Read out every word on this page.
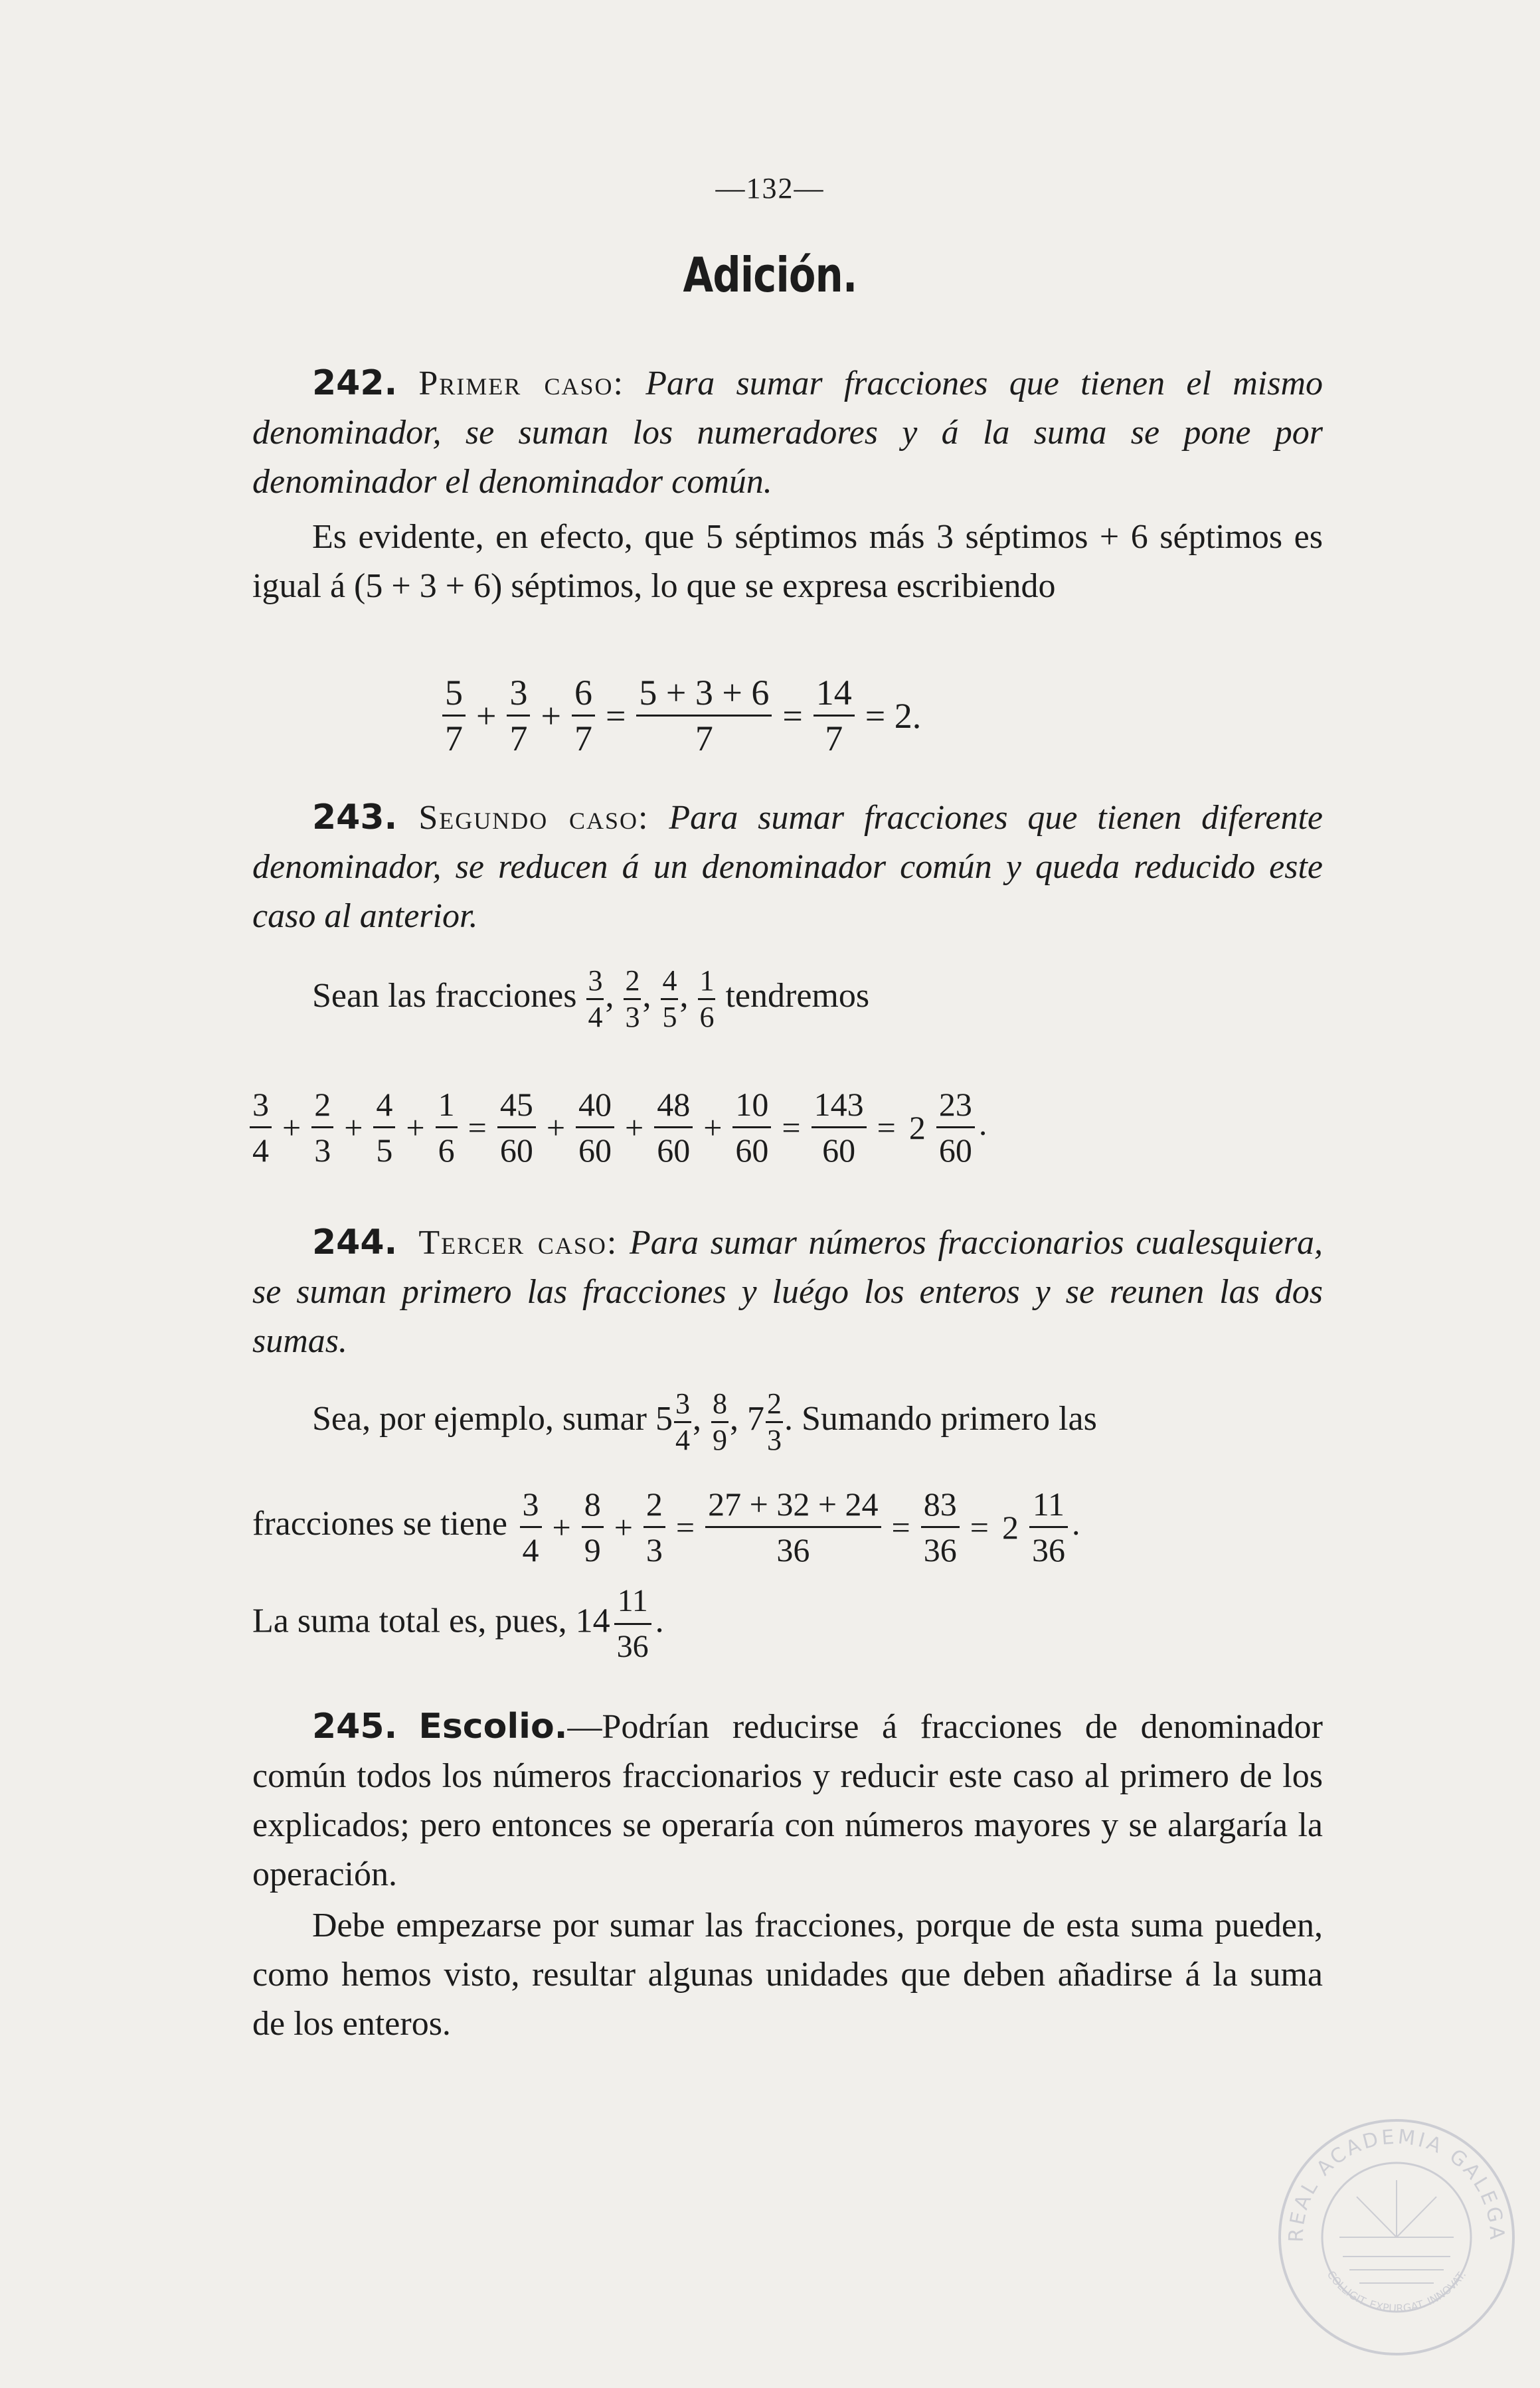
—132—
Adición.
242. Primer caso: Para sumar fracciones que tienen el mismo denominador, se suman los numeradores y á la suma se pone por denominador el denominador común.
Es evidente, en efecto, que 5 séptimos más 3 séptimos + 6 séptimos es igual á (5 + 3 + 6) séptimos, lo que se expresa escribiendo
$\frac{5}{7} + \frac{3}{7} + \frac{6}{7} = \frac{5 + 3 + 6}{7} = \frac{14}{7} = 2$.
243. Segundo caso: Para sumar fracciones que tienen diferente denominador, se reducen á un denominador común y queda reducido este caso al anterior.
Sean las fracciones $\frac{3}{4}$ , $\frac{2}{3}$ , $\frac{4}{5}$ , $\frac{1}{6}$ tendremos
$\frac{3}{4} + \frac{2}{3} + \frac{4}{5} + \frac{1}{6} = \frac{45}{60} + \frac{40}{60} + \frac{48}{60} + \frac{10}{60} = \frac{143}{60} = 2 \frac{23}{60}$ .
244. Tercer caso: Para sumar números fraccionarios cualesquiera, se suman primero las fracciones y luégo los enteros y se reunen las dos sumas.
Sea, por ejemplo, sumar $5 \frac{3}{4}$ , $\frac{8}{9}$ , $7 \frac{2}{3}$ . Sumando primero las
fracciones se tiene $\frac{3}{4} + \frac{8}{9} + \frac{2}{3} = \frac{27 + 32 + 24}{36} = \frac{83}{36} = 2 \frac{11}{36}$ .
La suma total es, pues, $14 \frac{11}{36}$ .
245. Escolio.—Podrían reducirse á fracciones de denominador común todos los números fraccionarios y reducir este caso al primero de los explicados; pero entonces se operaría con números mayores y se alargaría la operación.
Debe empezarse por sumar las fracciones, porque de esta suma pueden, como hemos visto, resultar algunas unidades que deben añadirse á la suma de los enteros.
REAL ACADEMIA GALEGA
COLLIGIT. EXPURGAT. INNOVAT.
